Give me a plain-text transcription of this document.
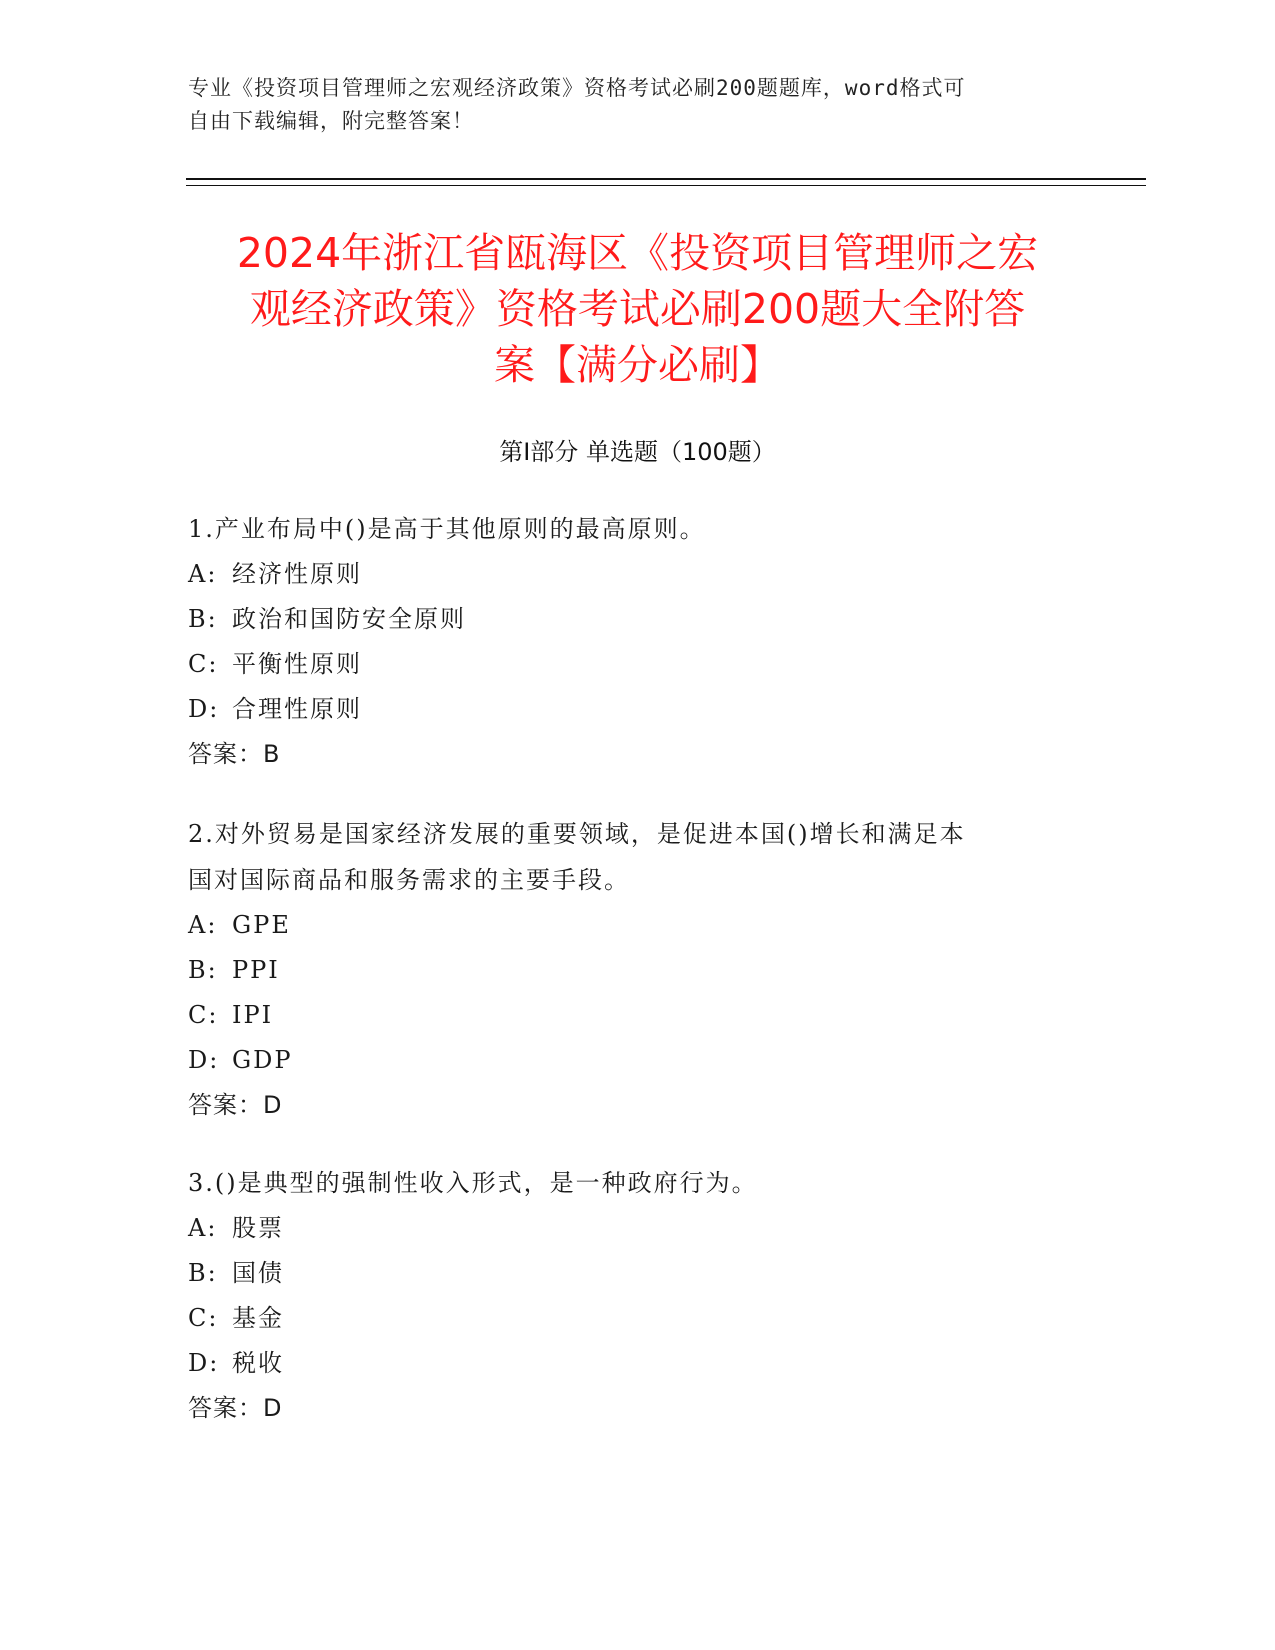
专业《投资项目管理师之宏观经济政策》资格考试必刷200题题库，word格式可
自由下载编辑，附完整答案！
2024年浙江省瓯海区《投资项目管理师之宏
观经济政策》资格考试必刷200题大全附答
案【满分必刷】
第Ⅰ部分 单选题（100题）

1.产业布局中()是高于其他原则的最高原则。

A: 经济性原则

B: 政治和国防安全原则

C: 平衡性原则

D: 合理性原则

答案：B

2.对外贸易是国家经济发展的重要领域，是促进本国()增长和满足本

国对国际商品和服务需求的主要手段。

A: GPE

B: PPI

C: IPI

D: GDP

答案：D

3.()是典型的强制性收入形式，是一种政府行为。

A: 股票

B: 国债

C: 基金

D: 税收

答案：D
